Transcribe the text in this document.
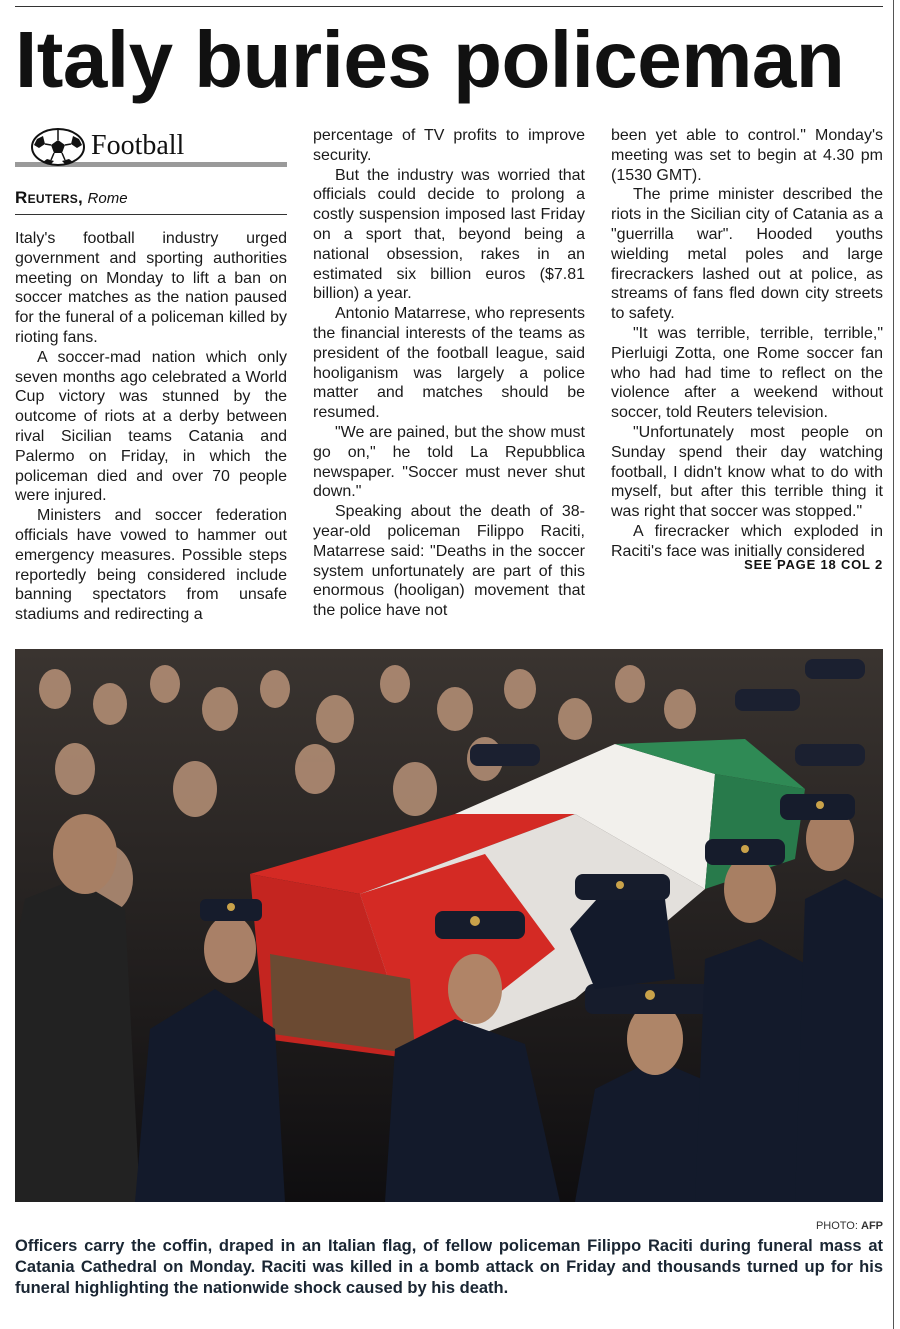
Italy buries policeman
Football
Reuters, Rome

Italy's football industry urged government and sporting authorities meeting on Monday to lift a ban on soccer matches as the nation paused for the funeral of a policeman killed by rioting fans.

A soccer-mad nation which only seven months ago celebrated a World Cup victory was stunned by the outcome of riots at a derby between rival Sicilian teams Catania and Palermo on Friday, in which the policeman died and over 70 people were injured.

Ministers and soccer federation officials have vowed to hammer out emergency measures. Possible steps reportedly being considered include banning spectators from unsafe stadiums and redirecting a

percentage of TV profits to improve security.

But the industry was worried that officials could decide to prolong a costly suspension imposed last Friday on a sport that, beyond being a national obsession, rakes in an estimated six billion euros ($7.81 billion) a year.

Antonio Matarrese, who represents the financial interests of the teams as president of the football league, said hooliganism was largely a police matter and matches should be resumed.

"We are pained, but the show must go on," he told La Repubblica newspaper. "Soccer must never shut down."

Speaking about the death of 38-year-old policeman Filippo Raciti, Matarrese said: "Deaths in the soccer system unfortunately are part of this enormous (hooligan) movement that the police have not

been yet able to control." Monday's meeting was set to begin at 4.30 pm (1530 GMT).

The prime minister described the riots in the Sicilian city of Catania as a "guerrilla war". Hooded youths wielding metal poles and large firecrackers lashed out at police, as streams of fans fled down city streets to safety.

"It was terrible, terrible, terrible," Pierluigi Zotta, one Rome soccer fan who had had time to reflect on the violence after a weekend without soccer, told Reuters television.

"Unfortunately most people on Sunday spend their day watching football, I didn't know what to do with myself, but after this terrible thing it was right that soccer was stopped."

A firecracker which exploded in Raciti's face was initially considered

SEE PAGE 18 COL 2
PHOTO: AFP

Officers carry the coffin, draped in an Italian flag, of fellow policeman Filippo Raciti during funeral mass at Catania Cathedral on Monday. Raciti was killed in a bomb attack on Friday and thousands turned up for his funeral highlighting the nationwide shock caused by his death.
